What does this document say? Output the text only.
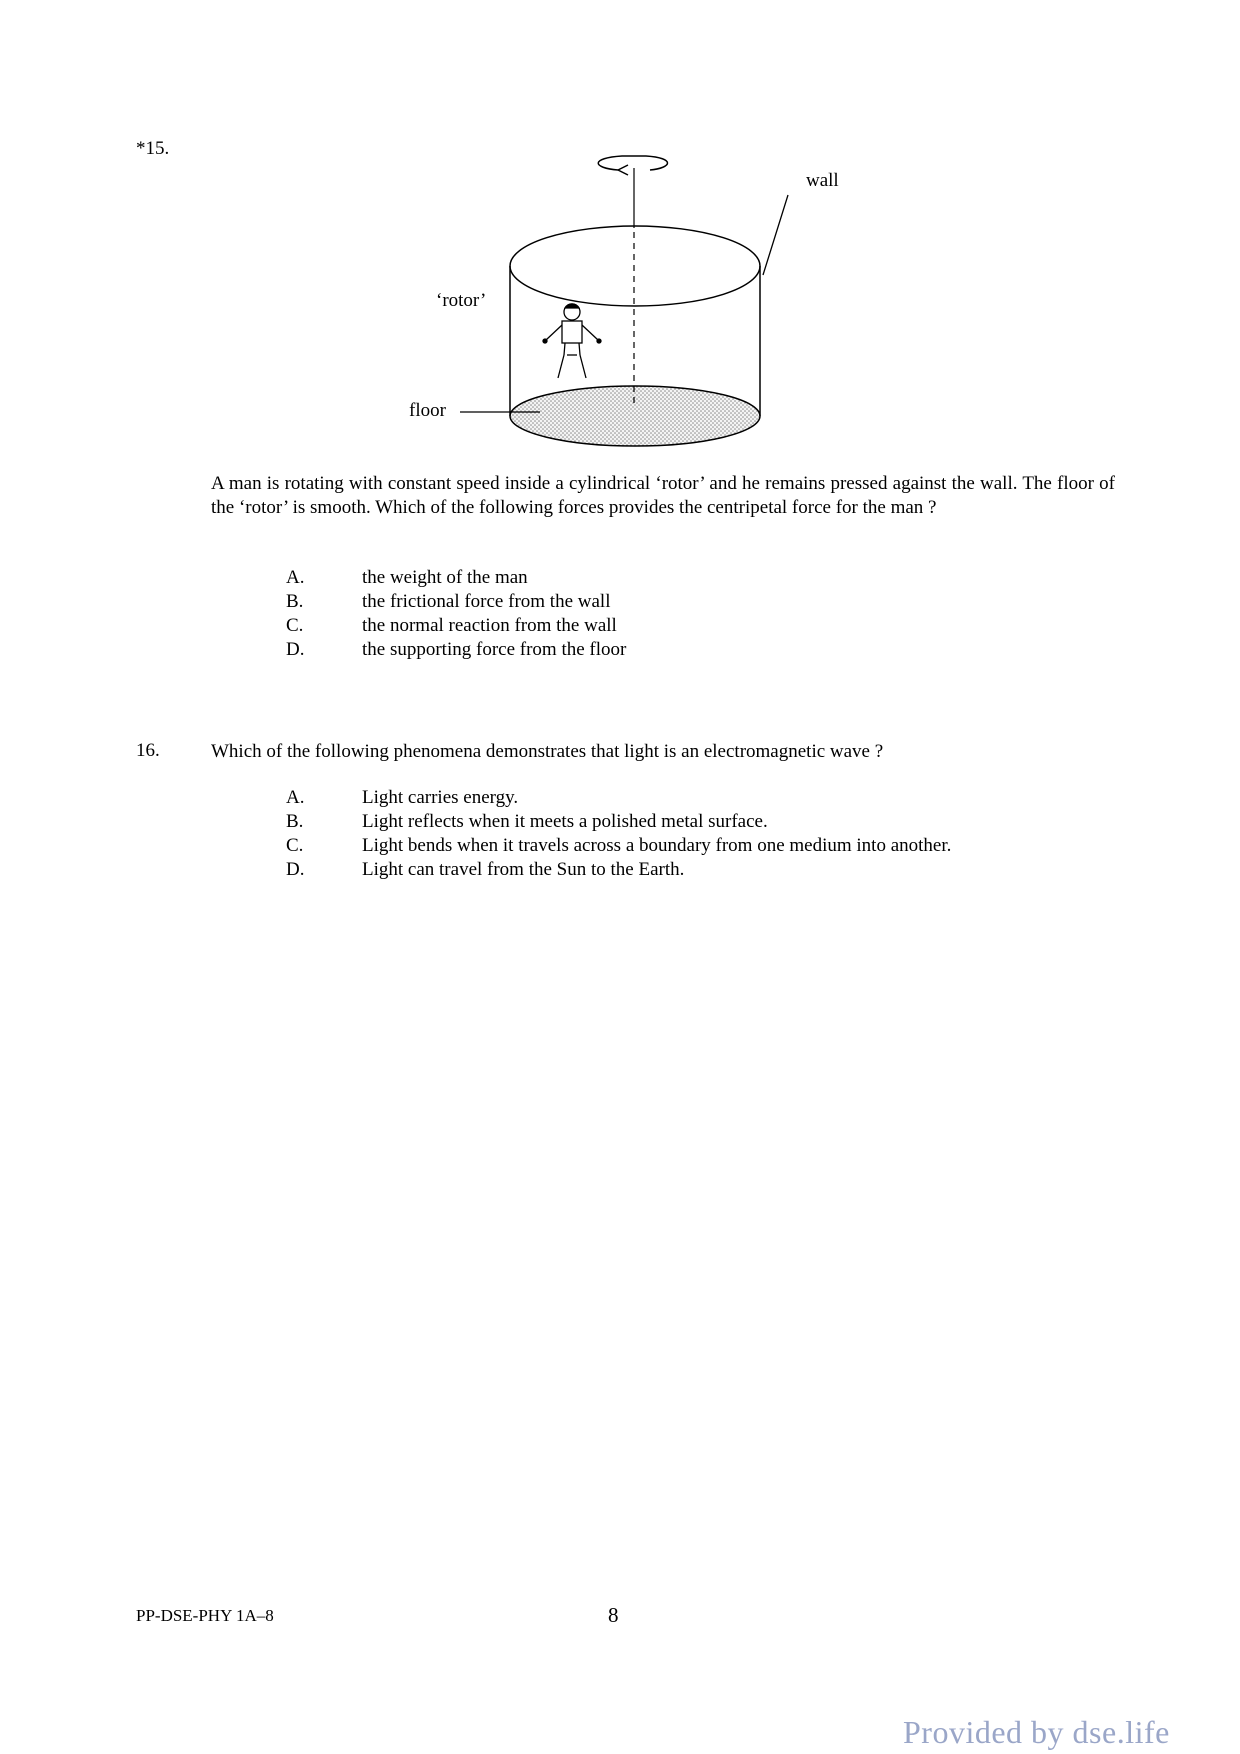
*15.
wall
‘rotor’
floor
A man is rotating with constant speed inside a cylindrical ‘rotor’ and he remains pressed against the wall. The floor of the ‘rotor’ is smooth. Which of the following forces provides the centripetal force for the man ?
A.	the weight of the man
B.	the frictional force from the wall
C.	the normal reaction from the wall
D.	the supporting force from the floor
16.	Which of the following phenomena demonstrates that light is an electromagnetic wave ?
A.	Light carries energy.
B.	Light reflects when it meets a polished metal surface.
C.	Light bends when it travels across a boundary from one medium into another.
D.	Light can travel from the Sun to the Earth.
PP-DSE-PHY 1A–8	8
Provided by dse.life
